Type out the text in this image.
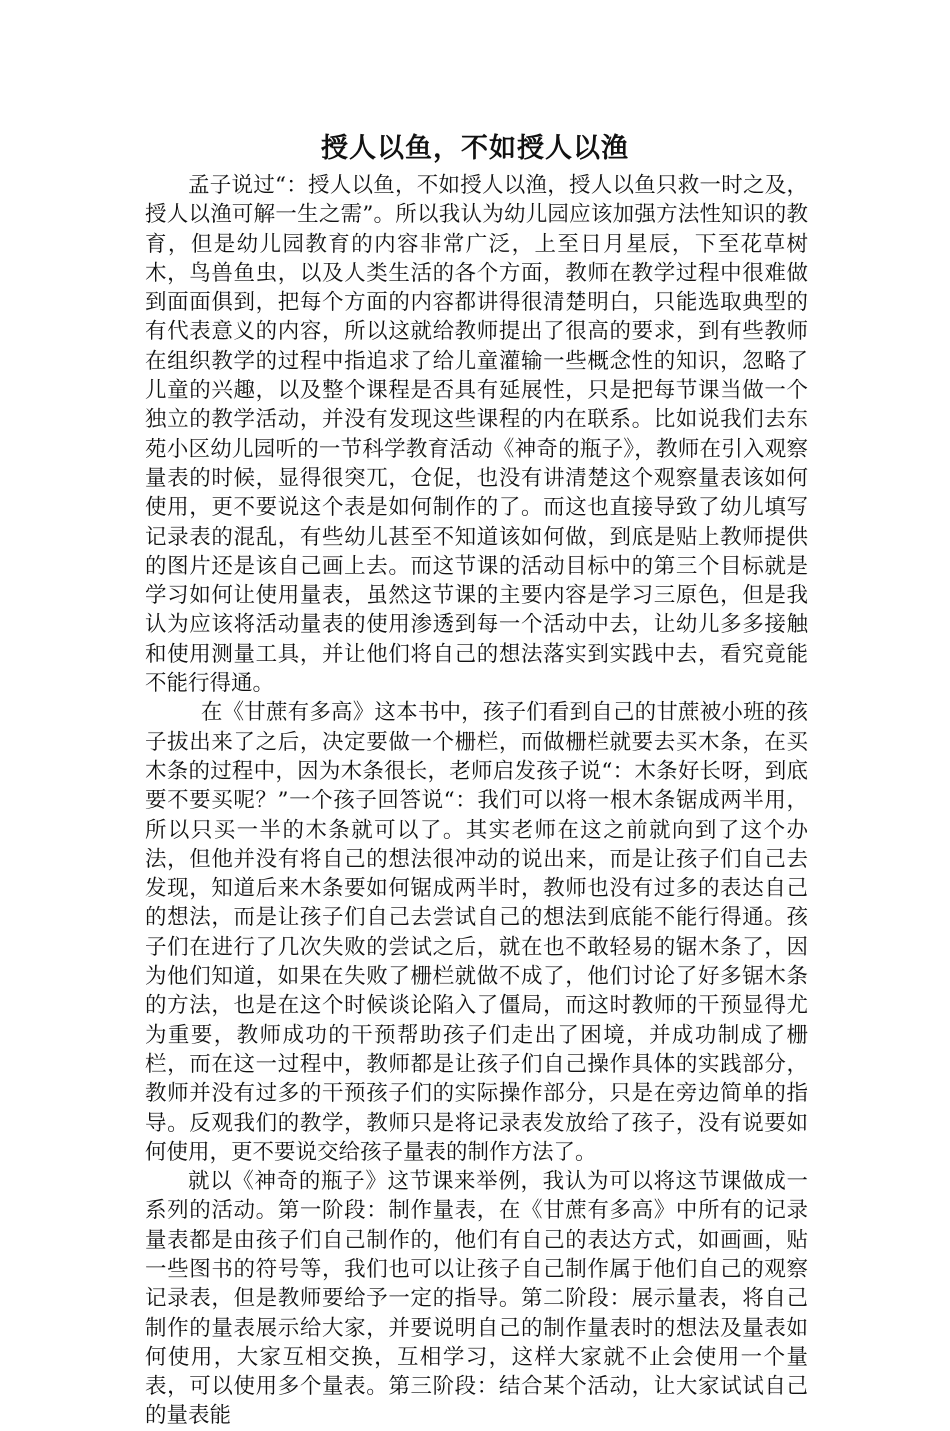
授人以鱼，不如授人以渔

孟子说过“：授人以鱼，不如授人以渔，授人以鱼只救一时之及，授人以渔可解一生之需”。所以我认为幼儿园应该加强方法性知识的教育，但是幼儿园教育的内容非常广泛，上至日月星辰，下至花草树木，鸟兽鱼虫，以及人类生活的各个方面，教师在教学过程中很难做到面面俱到，把每个方面的内容都讲得很清楚明白，只能选取典型的有代表意义的内容，所以这就给教师提出了很高的要求，到有些教师在组织教学的过程中指追求了给儿童灌输一些概念性的知识，忽略了儿童的兴趣，以及整个课程是否具有延展性，只是把每节课当做一个独立的教学活动，并没有发现这些课程的内在联系。比如说我们去东苑小区幼儿园听的一节科学教育活动《神奇的瓶子》，教师在引入观察量表的时候，显得很突兀，仓促，也没有讲清楚这个观察量表该如何使用，更不要说这个表是如何制作的了。而这也直接导致了幼儿填写记录表的混乱，有些幼儿甚至不知道该如何做，到底是贴上教师提供的图片还是该自己画上去。而这节课的活动目标中的第三个目标就是学习如何让使用量表，虽然这节课的主要内容是学习三原色，但是我认为应该将活动量表的使用渗透到每一个活动中去，让幼儿多多接触和使用测量工具，并让他们将自己的想法落实到实践中去，看究竟能不能行得通。

在《甘蔗有多高》这本书中，孩子们看到自己的甘蔗被小班的孩子拔出来了之后，决定要做一个栅栏，而做栅栏就要去买木条，在买木条的过程中，因为木条很长，老师启发孩子说“：木条好长呀，到底要不要买呢？”一个孩子回答说“：我们可以将一根木条锯成两半用，所以只买一半的木条就可以了。其实老师在这之前就向到了这个办法，但他并没有将自己的想法很冲动的说出来，而是让孩子们自己去发现，知道后来木条要如何锯成两半时，教师也没有过多的表达自己的想法，而是让孩子们自己去尝试自己的想法到底能不能行得通。孩子们在进行了几次失败的尝试之后，就在也不敢轻易的锯木条了，因为他们知道，如果在失败了栅栏就做不成了，他们讨论了好多锯木条的方法，也是在这个时候谈论陷入了僵局，而这时教师的干预显得尤为重要，教师成功的干预帮助孩子们走出了困境，并成功制成了栅栏，而在这一过程中，教师都是让孩子们自己操作具体的实践部分，教师并没有过多的干预孩子们的实际操作部分，只是在旁边简单的指导。反观我们的教学，教师只是将记录表发放给了孩子，没有说要如何使用，更不要说交给孩子量表的制作方法了。

就以《神奇的瓶子》这节课来举例，我认为可以将这节课做成一系列的活动。第一阶段：制作量表，在《甘蔗有多高》中所有的记录量表都是由孩子们自己制作的，他们有自己的表达方式，如画画，贴一些图书的符号等，我们也可以让孩子自己制作属于他们自己的观察记录表，但是教师要给予一定的指导。第二阶段：展示量表，将自己制作的量表展示给大家，并要说明自己的制作量表时的想法及量表如何使用，大家互相交换，互相学习，这样大家就不止会使用一个量表，可以使用多个量表。第三阶段：结合某个活动，让大家试试自己的量表能
